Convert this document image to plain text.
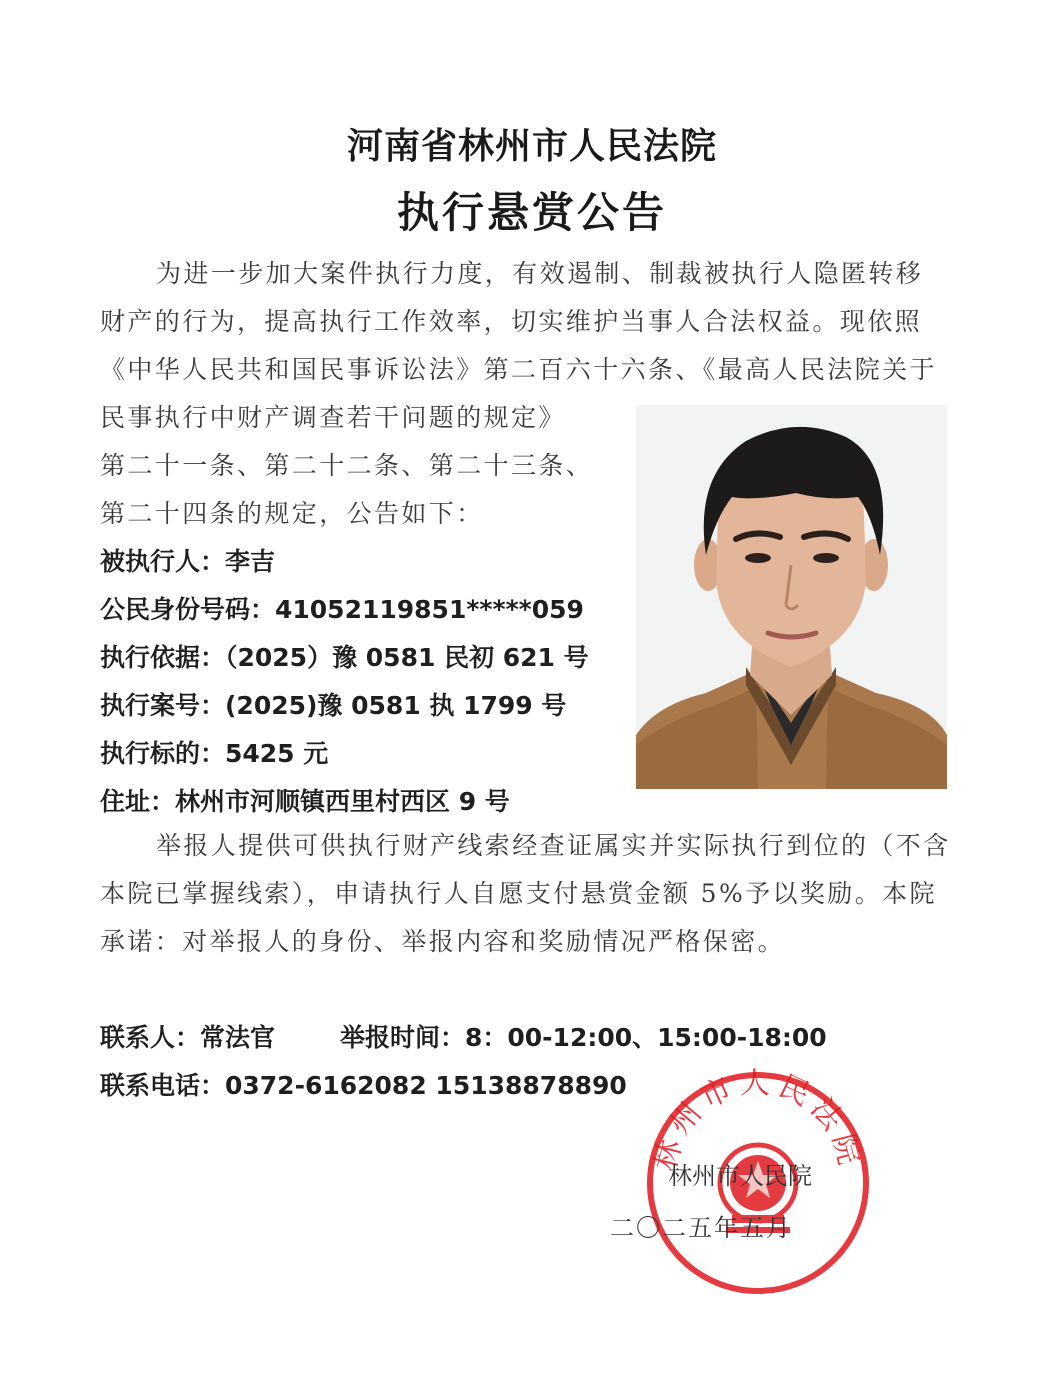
河南省林州市人民法院
执行悬赏公告
为进一步加大案件执行力度，有效遏制、制裁被执行人隐匿转移财产的行为，提高执行工作效率，切实维护当事人合法权益。现依照《中华人民共和国民事诉讼法》第二百六十六条、《最高人民法院关于民事执行中财产调查若干问题的规定》
第二十一条、第二十二条、第二十三条、第二十四条的规定，公告如下：
被执行人：李吉
公民身份号码：41052119851*****059
执行依据：（2025）豫 0581 民初 621 号
执行案号：(2025)豫 0581 执 1799 号
执行标的：5425 元
住址：林州市河顺镇西里村西区 9 号
举报人提供可供执行财产线索经查证属实并实际执行到位的（不含本院已掌握线索），申请执行人自愿支付悬赏金额 5%予以奖励。本院承诺：对举报人的身份、举报内容和奖励情况严格保密。
联系人：常法官	举报时间：8：00-12:00、15:00-18:00
联系电话：0372-6162082 15138878890
林州市人民法院
林州市人民院
二〇二五年五月
